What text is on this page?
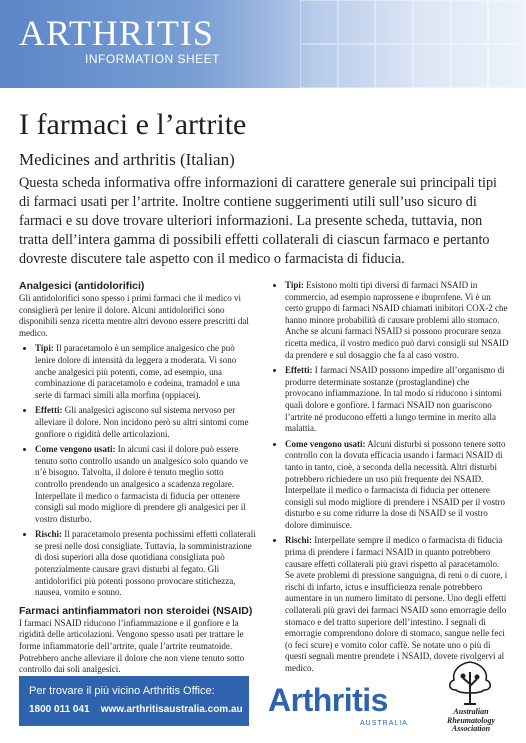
ARTHRITIS
INFORMATION SHEET
I farmaci e l’artrite
Medicines and arthritis (Italian)
Questa scheda informativa offre informazioni di carattere generale sui principali tipi di farmaci usati per l’artrite. Inoltre contiene suggerimenti utili sull’uso sicuro di farmaci e su dove trovare ulteriori informazioni. La presente scheda, tuttavia, non tratta dell’intera gamma di possibili effetti collaterali di ciascun farmaco e pertanto dovreste discutere tale aspetto con il medico o farmacista di fiducia.
Analgesici (antidolorifici)

Gli antidolorifici sono spesso i primi farmaci che il medico vi consiglierà per lenire il dolore. Alcuni antidolorifici sono disponibili senza ricetta mentre altri devono essere prescritti dal medico.

• Tipi: Il paracetamolo è un semplice analgesico che può lenire dolore di intensità da leggera a moderata. Vi sono anche analgesici più potenti, come, ad esempio, una combinazione di paracetamolo e codeina, tramadol e una serie di farmaci simili alla morfina (oppiacei).
• Effetti: Gli analgesici agiscono sul sistema nervoso per alleviare il dolore. Non incidono però su altri sintomi come gonfiore o rigidità delle articolazioni.
• Come vengono usati: In alcuni casi il dolore può essere tenuto sotto controllo usando un analgesico solo quando ve n’è bisogno. Talvolta, il dolore è tenuto meglio sotto controllo prendendo un analgesico a scadenza regolare. Interpellate il medico o farmacista di fiducia per ottenere consigli sul modo migliore di prendere gli analgesici per il vostro disturbo.
• Rischi: Il paracetamolo presenta pochissimi effetti collaterali se presi nelle dosi consigliate. Tuttavia, la somministrazione di dosi superiori alla dose quotidiana consigliata può potenzialmente causare gravi disturbi al fegato. Gli antidolorifici più potenti possono provocare stitichezza, nausea, vomito e sonno.
Farmaci antinfiammatori non steroidei (NSAID)

I farmaci NSAID riducono l’infiammazione e il gonfiore e la rigidità delle articolazioni. Vengono spesso usati per trattare le forme infiammatorie dell’artrite, quale l’artrite reumatoide. Potrebbero anche alleviare il dolore che non viene tenuto sotto controllo dai soli analgesici.

• Tipi: Esistono molti tipi diversi di farmaci NSAID in commercio, ad esempio naprossene e ibuprofene. Vi è un certo gruppo di farmaci NSAID chiamati inibitori COX-2 che hanno minore probabilità di causare problemi allo stomaco. Anche se alcuni farmaci NSAID si possono procurare senza ricetta medica, il vostro medico può darvi consigli sul NSAID da prendere e sul dosaggio che fa al caso vostro.
• Effetti: I farmaci NSAID possono impedire all’organismo di produrre determinate sostanze (prostaglandine) che provocano infiammazione. In tal modo si riducono i sintomi quali dolore e gonfiore. I farmaci NSAID non guariscono l’artrite né producono effetti a lungo termine in merito alla malattia.
• Come vengono usati: Alcuni disturbi si possono tenere sotto controllo con la dovuta efficacia usando i farmaci NSAID di tanto in tanto, cioè, a seconda della necessità. Altri disturbi potrebbero richiedere un uso più frequente dei NSAID. Interpellate il medico o farmacista di fiducia per ottenere consigli sul modo migliore di prendere i NSAID per il vostro disturbo e su come ridurre la dose di NSAID se il vostro dolore diminuisce.
• Rischi: Interpellate sempre il medico o farmacista di fiducia prima di prendere i farmaci NSAID in quanto potrebbero causare effetti collaterali più gravi rispetto al paracetamolo. Se avete problemi di pressione sanguigna, di reni o di cuore, i rischi di infarto, ictus e insufficienza renale potrebbero aumentare in un numero limitato di persone. Uno degli effetti collaterali più gravi dei farmaci NSAID sono emorragie dello stomaco e del tratto superiore dell’intestino. I segnali di emorragie comprendono dolore di stomaco, sangue nelle feci (o feci scure) e vomito color caffè. Se notate uno o più di questi segnali mentre prendete i NSAID, dovete rivolgervi al medico.
Per trovare il più vicino Arthritis Office:
1800 011 041 www.arthritisaustralia.com.au Arthritis
AUSTRALIA
Australian Rheumatology Association
